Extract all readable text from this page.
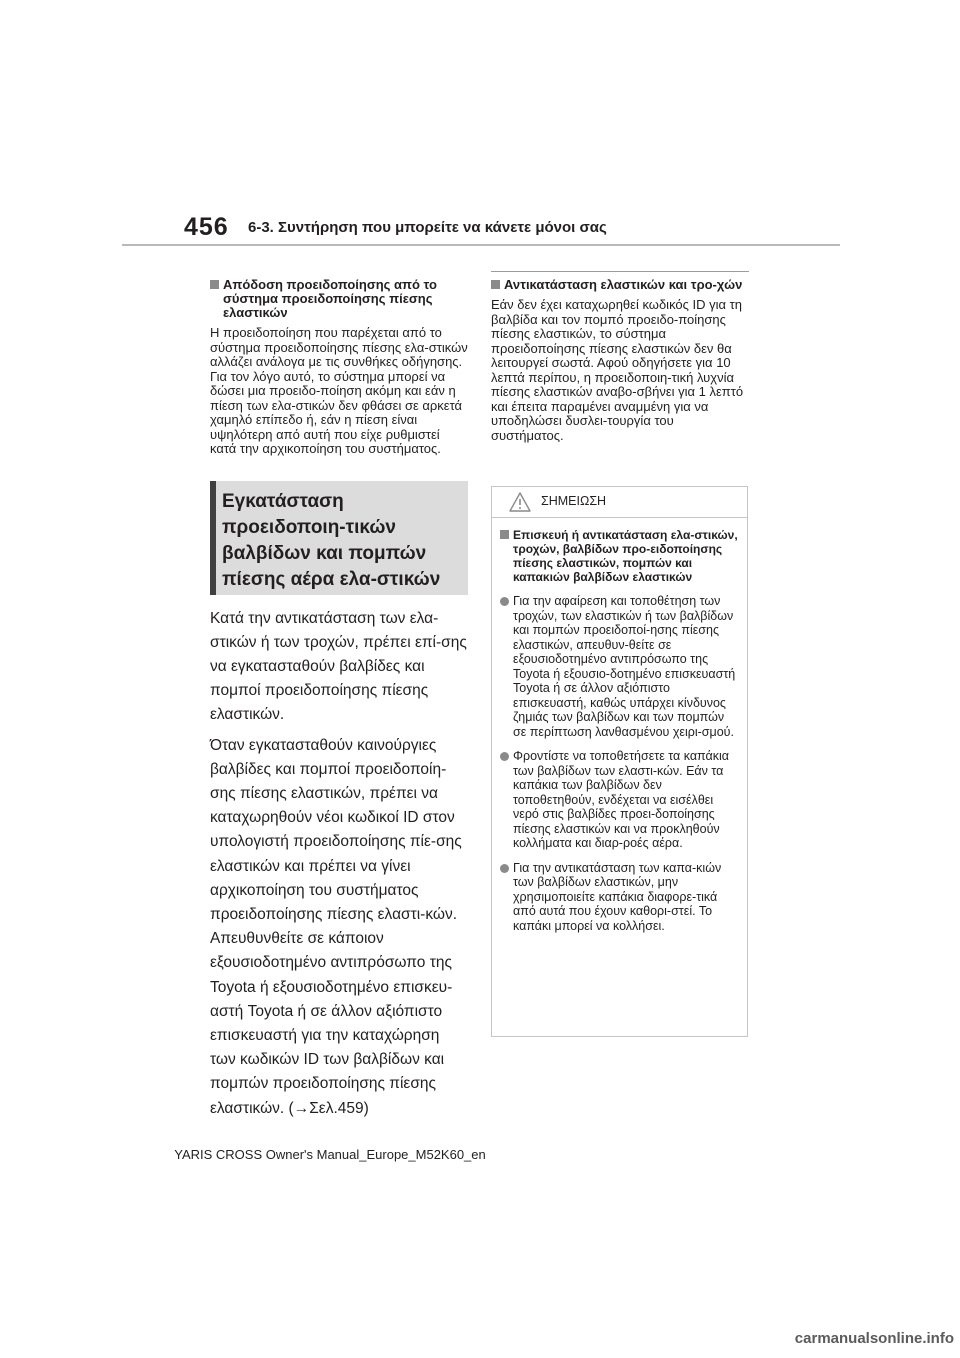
456 6-3. Συντήρηση που μπορείτε να κάνετε μόνοι σας
Απόδοση προειδοποίησης από το σύστημα προειδοποίησης πίεσης ελαστικών

Η προειδοποίηση που παρέχεται από το σύστημα προειδοποίησης πίεσης ελα-στικών αλλάζει ανάλογα με τις συνθήκες οδήγησης. Για τον λόγο αυτό, το σύστημα μπορεί να δώσει μια προειδο-ποίηση ακόμη και εάν η πίεση των ελα-στικών δεν φθάσει σε αρκετά χαμηλό επίπεδο ή, εάν η πίεση είναι υψηλότερη από αυτή που είχε ρυθμιστεί κατά την αρχικοποίηση του συστήματος.

Εγκατάσταση προειδοποιη-τικών βαλβίδων και πομπών πίεσης αέρα ελα-στικών

Κατά την αντικατάσταση των ελα-στικών ή των τροχών, πρέπει επί-σης να εγκατασταθούν βαλβίδες και πομποί προειδοποίησης πίεσης ελαστικών.

Όταν εγκατασταθούν καινούργιες βαλβίδες και πομποί προειδοποίη-σης πίεσης ελαστικών, πρέπει να καταχωρηθούν νέοι κωδικοί ID στον υπολογιστή προειδοποίησης πίε-σης ελαστικών και πρέπει να γίνει αρχικοποίηση του συστήματος προειδοποίησης πίεσης ελαστι-κών. Απευθυνθείτε σε κάποιον εξουσιοδοτημένο αντιπρόσωπο της Toyota ή εξουσιοδοτημένο επισκευ-αστή Toyota ή σε άλλον αξιόπιστο επισκευαστή για την καταχώρηση των κωδικών ID των βαλβίδων και πομπών προειδοποίησης πίεσης ελαστικών. (→Σελ.459)

Αντικατάσταση ελαστικών και τρο-χών

Εάν δεν έχει καταχωρηθεί κωδικός ID για τη βαλβίδα και τον πομπό προειδο-ποίησης πίεσης ελαστικών, το σύστημα προειδοποίησης πίεσης ελαστικών δεν θα λειτουργεί σωστά. Αφού οδηγήσετε για 10 λεπτά περίπου, η προειδοποιη-τική λυχνία πίεσης ελαστικών αναβο-σβήνει για 1 λεπτό και έπειτα παραμένει αναμμένη για να υποδηλώσει δυσλει-τουργία του συστήματος.

ΣΗΜΕΙΩΣΗ
Επισκευή ή αντικατάσταση ελα-στικών, τροχών, βαλβίδων προ-ειδοποίησης πίεσης ελαστικών, πομπών και καπακιών βαλβίδων ελαστικών
Για την αφαίρεση και τοποθέτηση των τροχών, των ελαστικών ή των βαλβίδων και πομπών προειδοποί-ησης πίεσης ελαστικών, απευθυν-θείτε σε εξουσιοδοτημένο αντιπρόσωπο της Toyota ή εξουσιο-δοτημένο επισκευαστή Toyota ή σε άλλον αξιόπιστο επισκευαστή, καθώς υπάρχει κίνδυνος ζημιάς των βαλβίδων και των πομπών σε περίπτωση λανθασμένου χειρι-σμού.
Φροντίστε να τοποθετήσετε τα καπάκια των βαλβίδων των ελαστι-κών. Εάν τα καπάκια των βαλβίδων δεν τοποθετηθούν, ενδέχεται να εισέλθει νερό στις βαλβίδες προει-δοποίησης πίεσης ελαστικών και να προκληθούν κολλήματα και διαρ-ροές αέρα.
Για την αντικατάσταση των καπα-κιών των βαλβίδων ελαστικών, μην χρησιμοποιείτε καπάκια διαφορε-τικά από αυτά που έχουν καθορι-στεί. Το καπάκι μπορεί να κολλήσει.
YARIS CROSS Owner's Manual_Europe_M52K60_en
carmanualsonline.info
